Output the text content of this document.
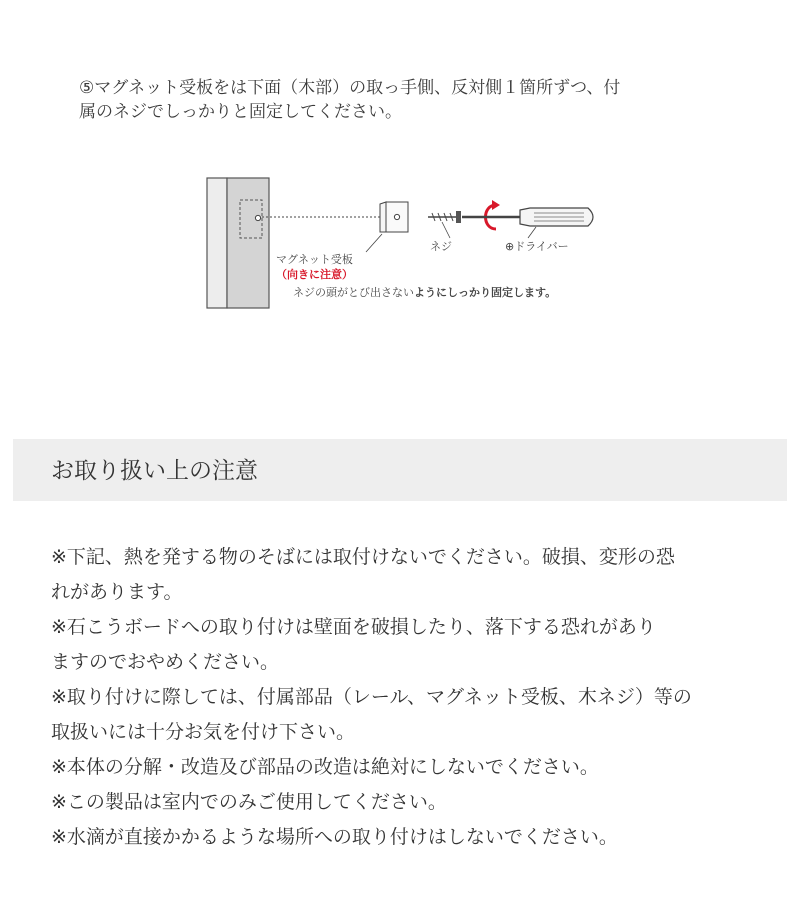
⑤マグネット受板をは下面（木部）の取っ手側、反対側１箇所ずつ、付
属のネジでしっかりと固定してください。
マグネット受板
（向きに注意）
ネジ	⊕ドライバー
ネジの頭がとび出さないようにしっかり固定します。
お取り扱い上の注意
※下記、熱を発する物のそばには取付けないでください。破損、変形の恐
れがあります。
※石こうボードへの取り付けは壁面を破損したり、落下する恐れがあり
ますのでおやめください。
※取り付けに際しては、付属部品（レール、マグネット受板、木ネジ）等の
取扱いには十分お気を付け下さい。
※本体の分解・改造及び部品の改造は絶対にしないでください。
※この製品は室内でのみご使用してください。
※水滴が直接かかるような場所への取り付けはしないでください。
